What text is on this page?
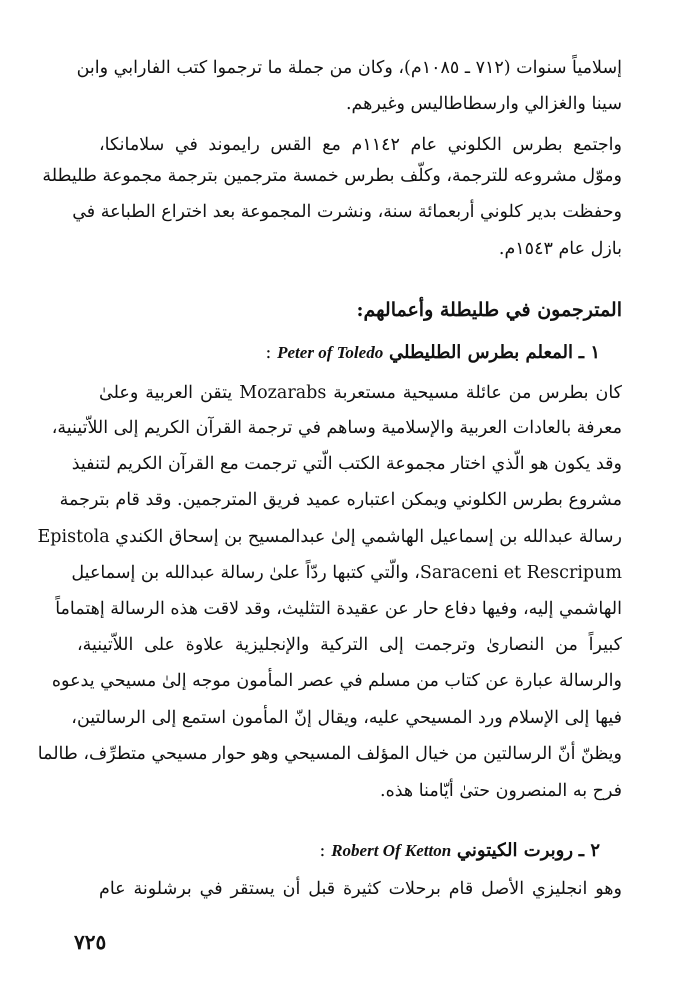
إسلامياً سنوات (٧١٢ ـ ١٠٨٥م)، وكان من جملة ما ترجموا كتب الفارابي وابن
سينا والغزالي وارسطاطاليس وغيرهم.
واجتمع بطرس الكلوني عام ١١٤٢م مع القس رايموند في سلامانكا،
وموّل مشروعه للترجمة، وكلّف بطرس خمسة مترجمين بترجمة مجموعة طليطلة
وحفظت بدير كلوني أربعمائة سنة، ونشرت المجموعة بعد اختراع الطباعة في
بازل عام ١٥٤٣م.
المترجمون في طليطلة وأعمالهم:
١ ـ المعلم بطرس الطليطلي Peter of Toledo :
كان بطرس من عائلة مسيحية مستعربة Mozarabs يتقن العربية وعلىٰ
معرفة بالعادات العربية والإسلامية وساهم في ترجمة القرآن الكريم إلى اللاّتينية،
وقد يكون هو الّذي اختار مجموعة الكتب الّتي ترجمت مع القرآن الكريم لتنفيذ
مشروع بطرس الكلوني ويمكن اعتباره عميد فريق المترجمين. وقد قام بترجمة
رسالة عبدالله بن إسماعيل الهاشمي إلىٰ عبدالمسيح بن إسحاق الكندي Epistola
Saraceni et Rescripum، والّتي كتبها ردّاً علىٰ رسالة عبدالله بن إسماعيل
الهاشمي إليه، وفيها دفاع حار عن عقيدة التثليث، وقد لاقت هذه الرسالة إهتماماً
كبيراً من النصارىٰ وترجمت إلى التركية والإنجليزية علاوة على اللاّتينية،
والرسالة عبارة عن كتاب من مسلم في عصر المأمون موجه إلىٰ مسيحي يدعوه
فيها إلى الإسلام ورد المسيحي عليه، ويقال إنّ المأمون استمع إلى الرسالتين،
ويظنّ أنّ الرسالتين من خيال المؤلف المسيحي وهو حوار مسيحي متطرِّف، طالما
فرح به المنصرون حتىٰ أيّامنا هذه.
٢ ـ روبرت الكيتوني Robert Of Ketton :
وهو انجليزي الأصل قام برحلات كثيرة قبل أن يستقر في برشلونة عام
٧٢٥
